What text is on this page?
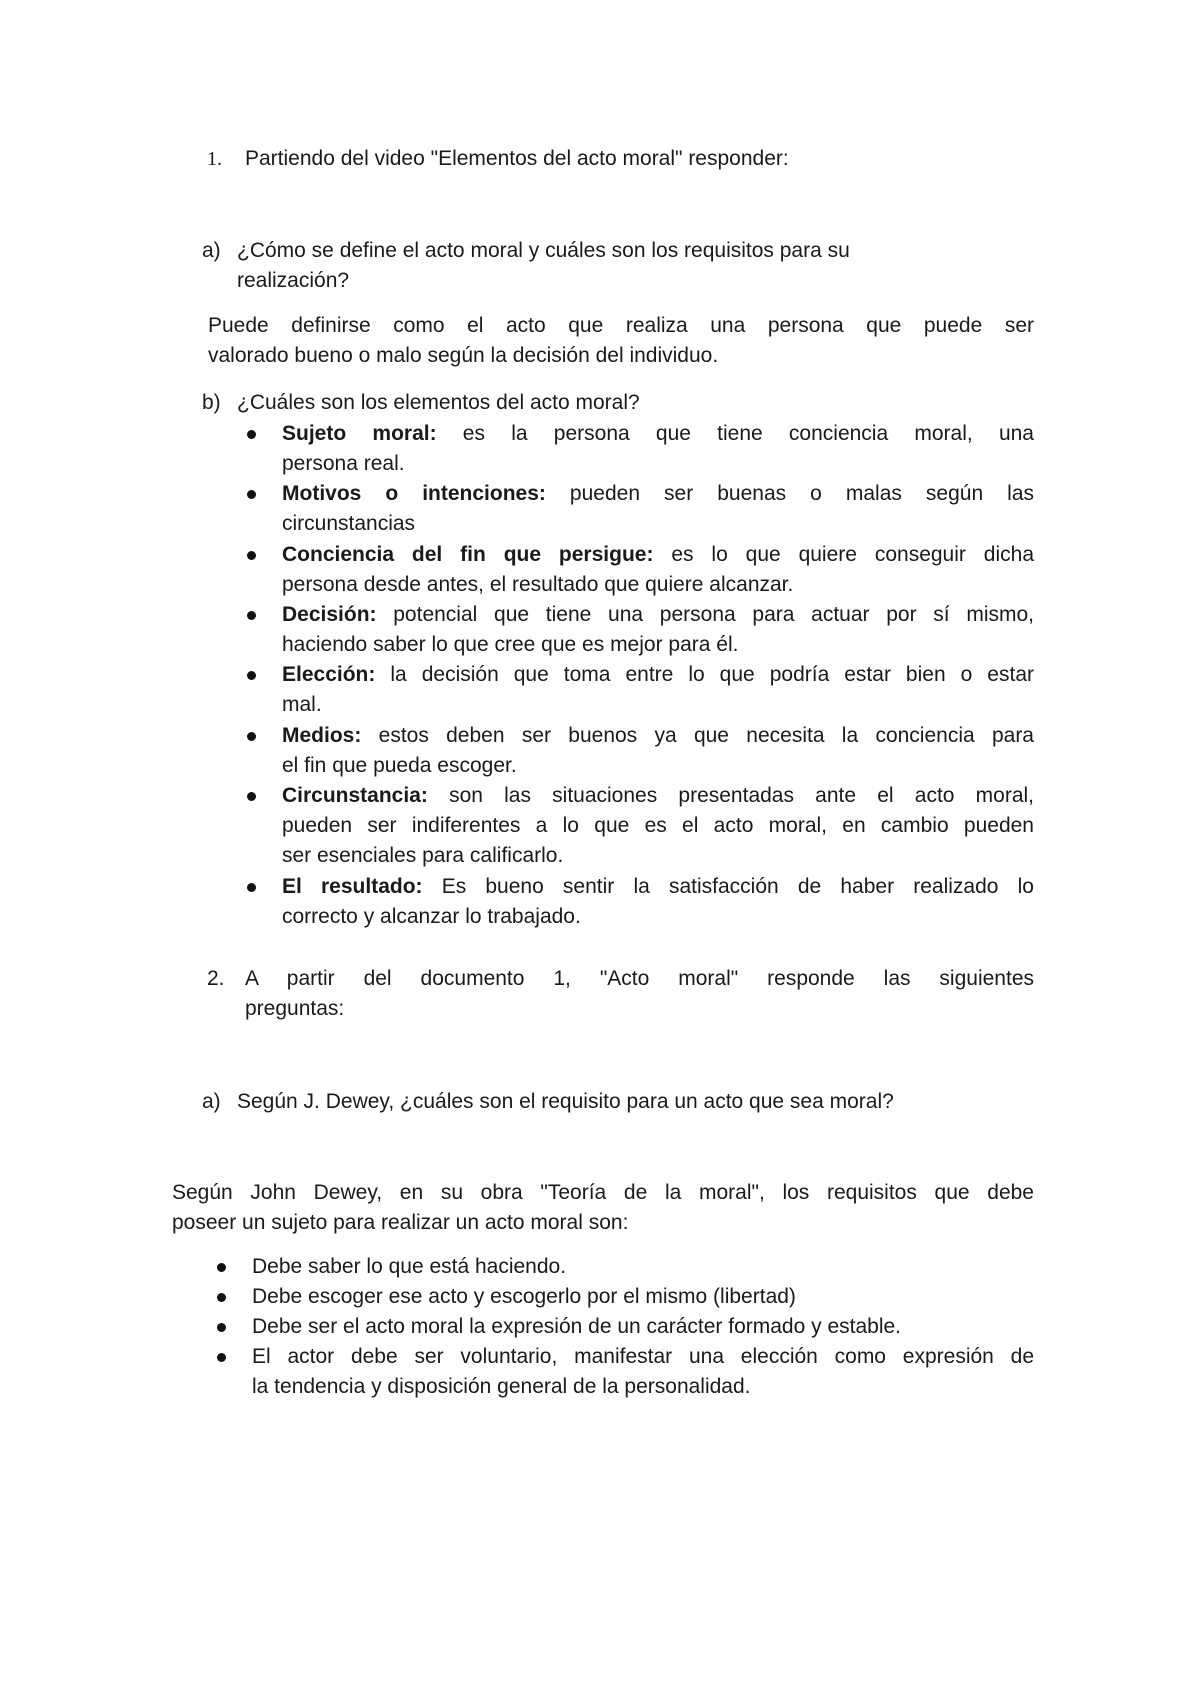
1. Partiendo del video "Elementos del acto moral" responder:
a) ¿Cómo se define el acto moral y cuáles son los requisitos para su
realización?
Puede definirse como el acto que realiza una persona que puede ser
valorado bueno o malo según la decisión del individuo.
b) ¿Cuáles son los elementos del acto moral?
Sujeto moral: es la persona que tiene conciencia moral, una
persona real.
Motivos o intenciones: pueden ser buenas o malas según las
circunstancias
Conciencia del fin que persigue: es lo que quiere conseguir dicha
persona desde antes, el resultado que quiere alcanzar.
Decisión: potencial que tiene una persona para actuar por sí mismo,
haciendo saber lo que cree que es mejor para él.
Elección: la decisión que toma entre lo que podría estar bien o estar
mal.
Medios: estos deben ser buenos ya que necesita la conciencia para
el fin que pueda escoger.
Circunstancia: son las situaciones presentadas ante el acto moral,
pueden ser indiferentes a lo que es el acto moral, en cambio pueden
ser esenciales para calificarlo.
El resultado: Es bueno sentir la satisfacción de haber realizado lo
correcto y alcanzar lo trabajado.
2. A partir del documento 1, "Acto moral" responde las siguientes
preguntas:
a) Según J. Dewey, ¿cuáles son el requisito para un acto que sea moral?
Según John Dewey, en su obra "Teoría de la moral", los requisitos que debe
poseer un sujeto para realizar un acto moral son:
Debe saber lo que está haciendo.
Debe escoger ese acto y escogerlo por el mismo (libertad)
Debe ser el acto moral la expresión de un carácter formado y estable.
El actor debe ser voluntario, manifestar una elección como expresión de
la tendencia y disposición general de la personalidad.
